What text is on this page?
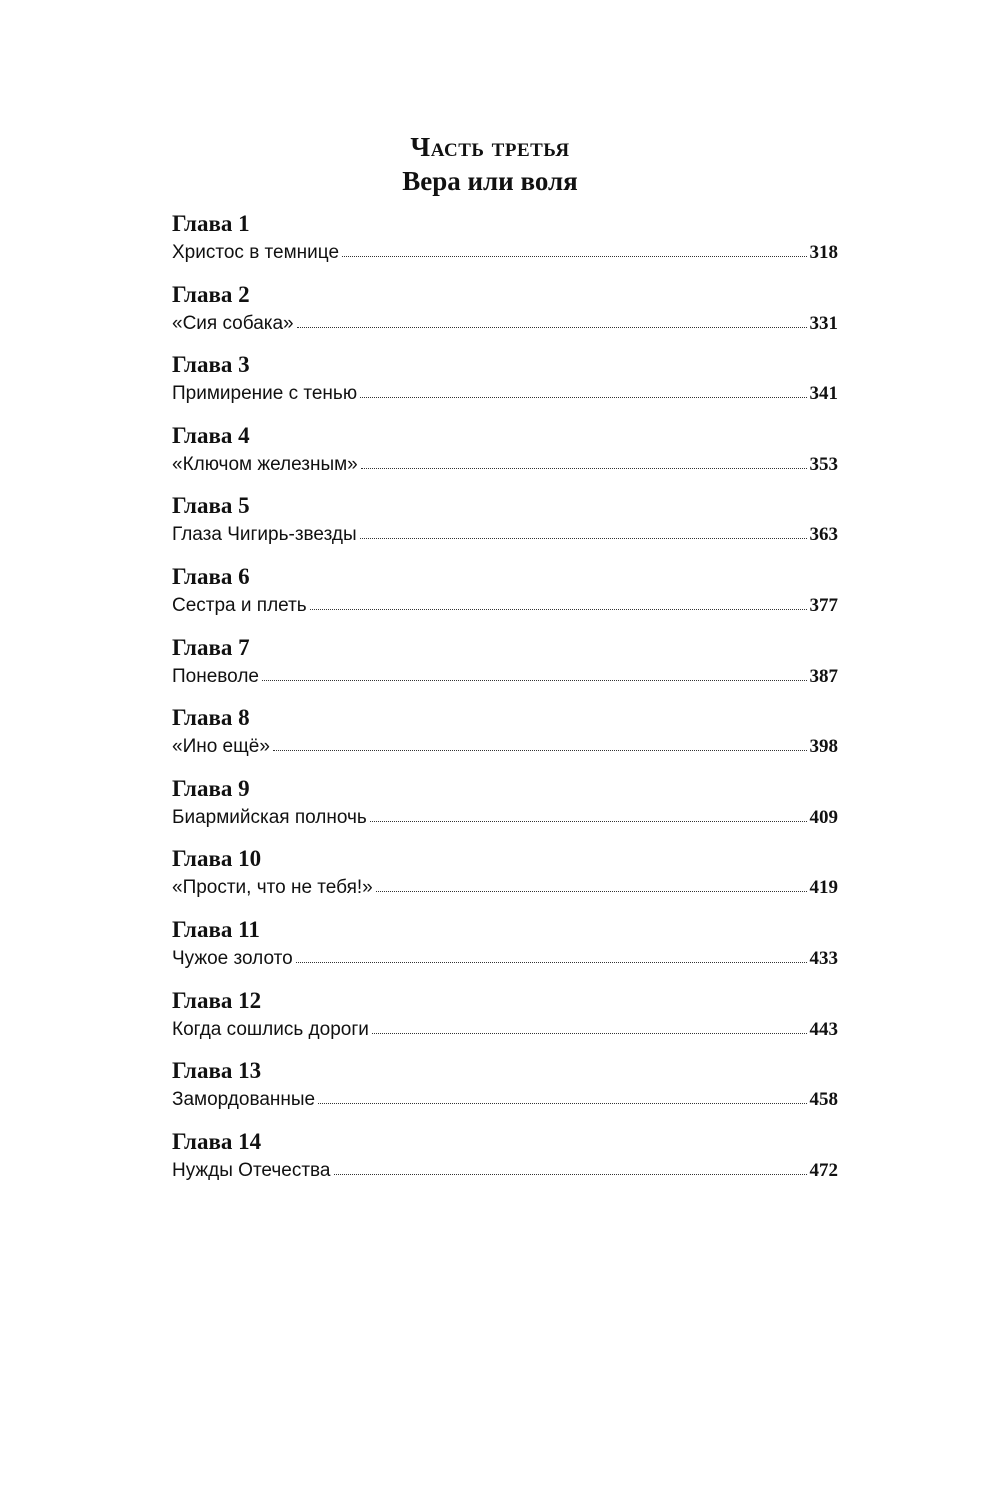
Часть третья
Вера или воля
Глава 1
Христос в темнице	318
Глава 2
«Сия собака»	331
Глава 3
Примирение с тенью	341
Глава 4
«Ключом железным»	353
Глава 5
Глаза Чигирь-звезды	363
Глава 6
Сестра и плеть	377
Глава 7
Поневоле	387
Глава 8
«Ино ещё»	398
Глава 9
Биармийская полночь	409
Глава 10
«Прости, что не тебя!»	419
Глава 11
Чужое золото	433
Глава 12
Когда сошлись дороги	443
Глава 13
Замордованные	458
Глава 14
Нужды Отечества	472
